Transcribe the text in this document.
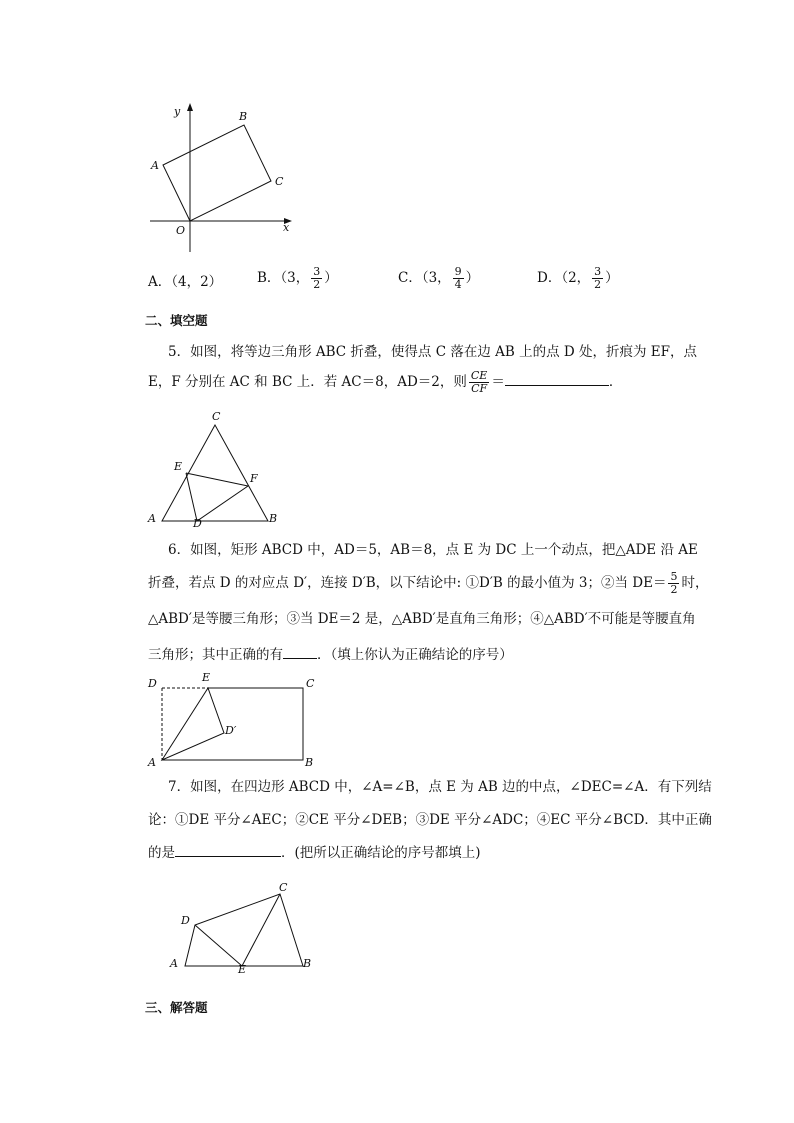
y	B
A
C
O	x
A．（4，2）	B．（3， $\frac{3}{2}$ ）	C．（3， $\frac{9}{4}$ ）	D．（2， $\frac{3}{2}$ ）
二、填空题
5．如图，将等边三角形 ABC 折叠，使得点 C 落在边 AB 上的点 D 处，折痕为 EF，点
E，F 分别在 AC 和 BC 上．若 AC＝8，AD＝2，则 $\frac{CE}{CF}$ ＝	．
C
E
F
A	D	B
6．如图，矩形 ABCD 中，AD＝5，AB＝8，点 E 为 DC 上一个动点，把△ADE 沿 AE
折叠，若点 D 的对应点 D′，连接 D′B，以下结论中: ①D′B 的最小值为 3；②当 $DE= \frac{5}{2}$ 时，
△ABD′是等腰三角形；③当 DE＝2 是，△ABD′是直角三角形；④△ABD′不可能是等腰直角
三角形；其中正确的有	．（填上你认为正确结论的序号）
D	E	C
D′
A	B
7．如图，在四边形 ABCD 中，∠A=∠B，点 E 为 AB 边的中点，∠DEC=∠A．有下列结
论：①DE 平分∠AEC；②CE 平分∠DEB；③DE 平分∠ADC；④EC 平分∠BCD．其中正确
的是	．(把所以正确结论的序号都填上)
C
D
A	E	B
三、解答题
